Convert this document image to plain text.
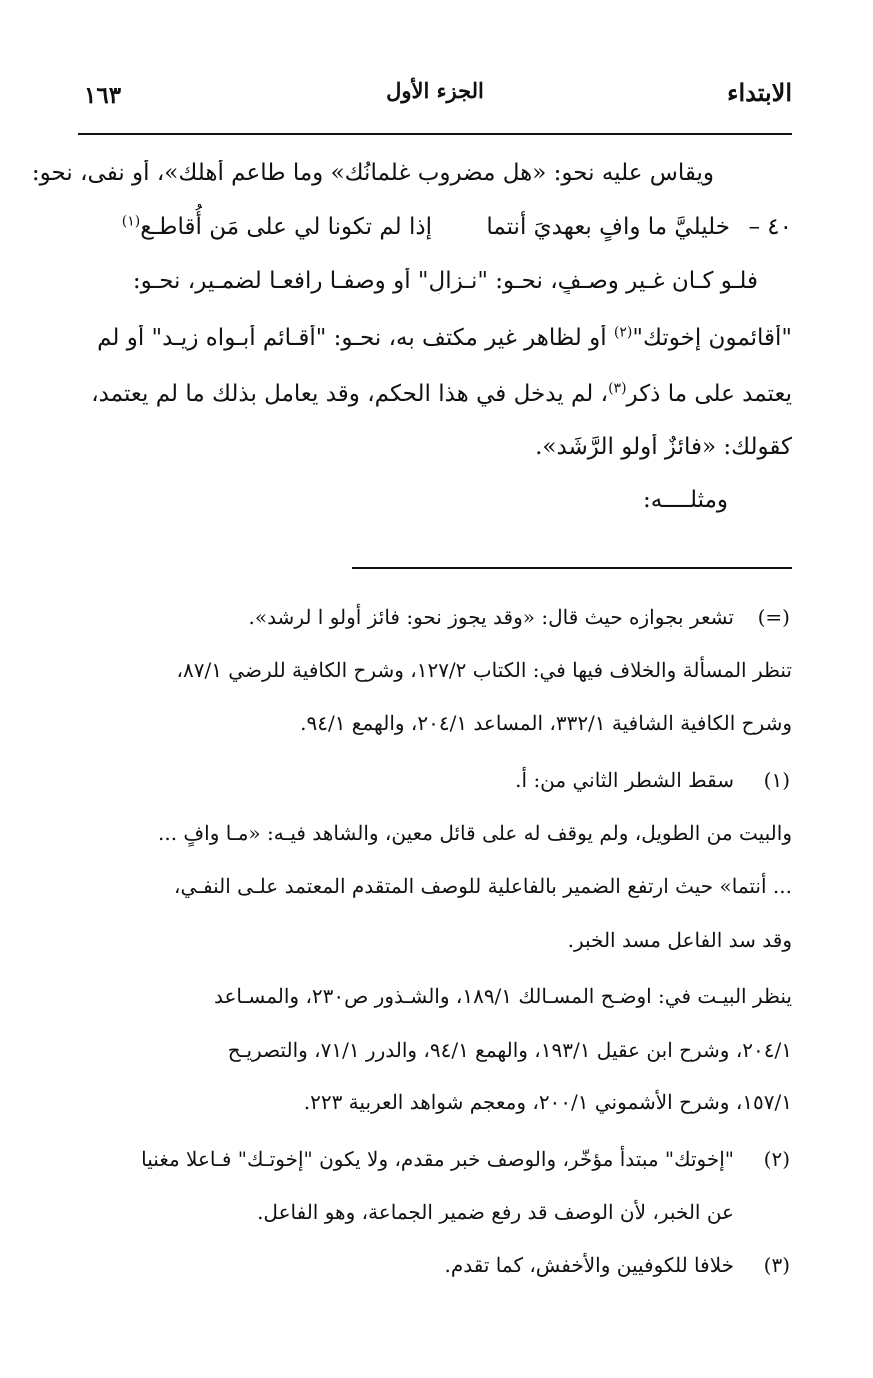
الابتداء
الجزء الأول
١٦٣
ويقاس عليه نحو: «هل مضروب غلمانُك» وما طاعم أهلك»، أو نفى، نحو:
٤٠ –
خليليَّ ما وافٍ بعهديَ أنتما
إذا لم تكونا لي على مَن أُقاطـع$^{(١)}$
فلـو كـان غـير وصـفٍ، نحـو: "نـزالِ" أو وصفـا رافعـا لضمـير، نحـو:
"أقائمون إخوتك"$^{(٢)}$ أو لظاهر غير مكتف به، نحـو: "أقـائم أبـواه زيـد" أو لم
يعتمد على ما ذكر$^{(٣)}$، لم يدخل في هذا الحكم، وقد يعامل بذلك ما لم يعتمد،
كقولك: «فائزٌ أُولو الرَّشَد».
ومثلــــه:
(=)
تشعر بجوازه حيث قال: «وقد يجوز نحو: فائز أولو ا لرشد».
تنظر المسألة والخلاف فيها في: الكتاب ١٢٧/٢، وشرح الكافية للرضي ٨٧/١،
وشرح الكافية الشافية ٣٣٢/١، المساعد ٢٠٤/١، والهمع ٩٤/١.
(١)
سقط الشطر الثاني من: أ.
والبيت من الطويل، ولم يوقف له على قائل معين، والشاهد فيـه: «مـا وافٍ ...
... أنتما» حيث ارتفع الضمير بالفاعلية للوصف المتقدم المعتمد علـى النفـي،
وقد سد الفاعل مسد الخبر.
ينظر البيـت في: اوضـح المسـالك ١٨٩/١، والشـذور ص٢٣٠، والمسـاعد
٢٠٤/١، وشرح ابن عقيل ١٩٣/١، والهمع ٩٤/١، والدرر ٧١/١، والتصريـح
١٥٧/١، وشرح الأشموني ٢٠٠/١، ومعجم شواهد العربية ٢٢٣.
(٢)
"إخوتك" مبتدأ مؤخّر، والوصف خبر مقدم، ولا يكون "إخوتـك" فـاعلا مغنيا
عن الخبر، لأن الوصف قد رفع ضمير الجماعة، وهو الفاعل.
(٣)
خلافا للكوفيين والأخفش، كما تقدم.
